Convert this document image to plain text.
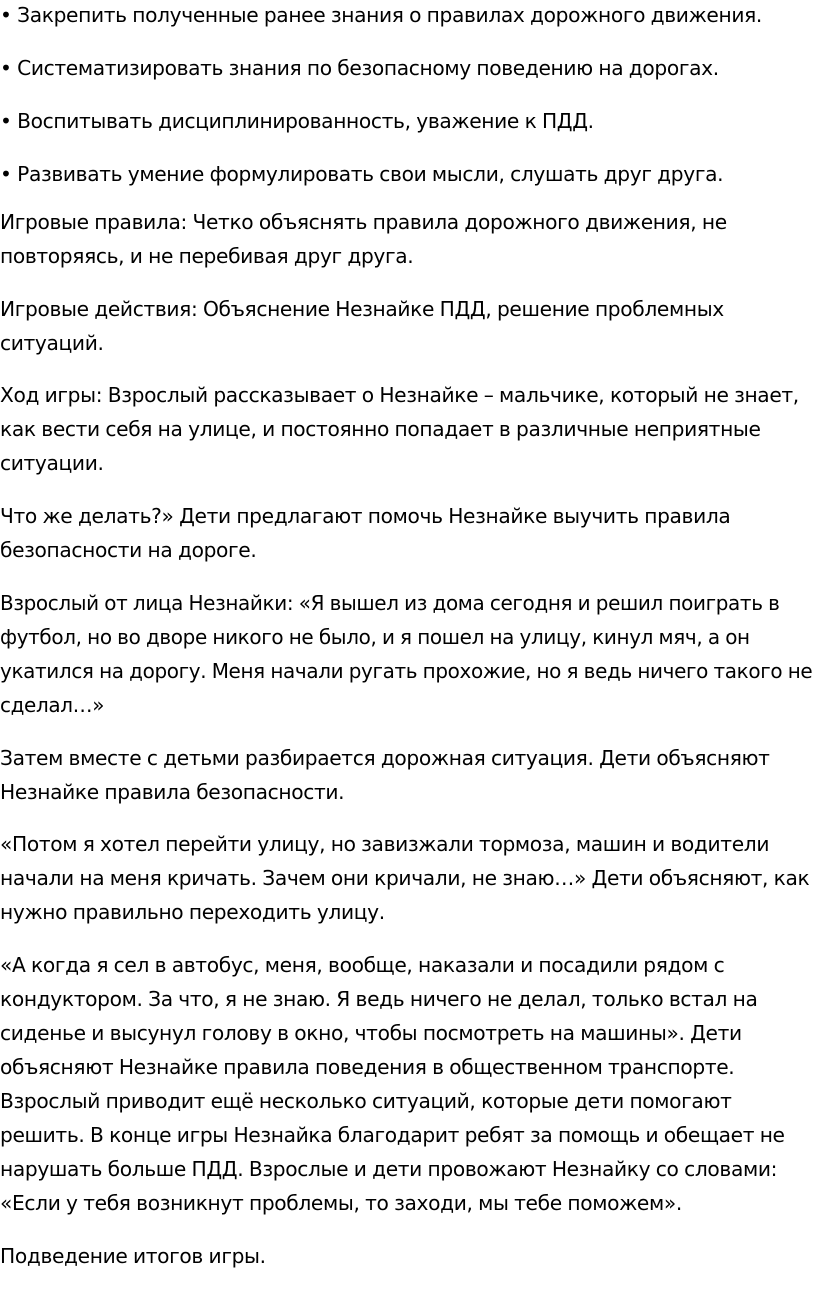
• Закрепить полученные ранее знания о правилах дорожного движения.
• Систематизировать знания по безопасному поведению на дорогах.
• Воспитывать дисциплинированность, уважение к ПДД.
• Развивать умение формулировать свои мысли, слушать друг друга.
Игровые правила: Четко объяснять правила дорожного движения, не
повторяясь, и не перебивая друг друга.
Игровые действия: Объяснение Незнайке ПДД, решение проблемных
ситуаций.
Ход игры: Взрослый рассказывает о Незнайке – мальчике, который не знает,
как вести себя на улице, и постоянно попадает в различные неприятные
ситуации.
Что же делать?» Дети предлагают помочь Незнайке выучить правила
безопасности на дороге.
Взрослый от лица Незнайки: «Я вышел из дома сегодня и решил поиграть в
футбол, но во дворе никого не было, и я пошел на улицу, кинул мяч, а он
укатился на дорогу. Меня начали ругать прохожие, но я ведь ничего такого не
сделал…»
Затем вместе с детьми разбирается дорожная ситуация. Дети объясняют
Незнайке правила безопасности.
«Потом я хотел перейти улицу, но завизжали тормоза, машин и водители
начали на меня кричать. Зачем они кричали, не знаю…» Дети объясняют, как
нужно правильно переходить улицу.
«А когда я сел в автобус, меня, вообще, наказали и посадили рядом с
кондуктором. За что, я не знаю. Я ведь ничего не делал, только встал на
сиденье и высунул голову в окно, чтобы посмотреть на машины». Дети
объясняют Незнайке правила поведения в общественном транспорте.
Взрослый приводит ещё несколько ситуаций, которые дети помогают
решить. В конце игры Незнайка благодарит ребят за помощь и обещает не
нарушать больше ПДД. Взрослые и дети провожают Незнайку со словами:
«Если у тебя возникнут проблемы, то заходи, мы тебе поможем».
Подведение итогов игры.
